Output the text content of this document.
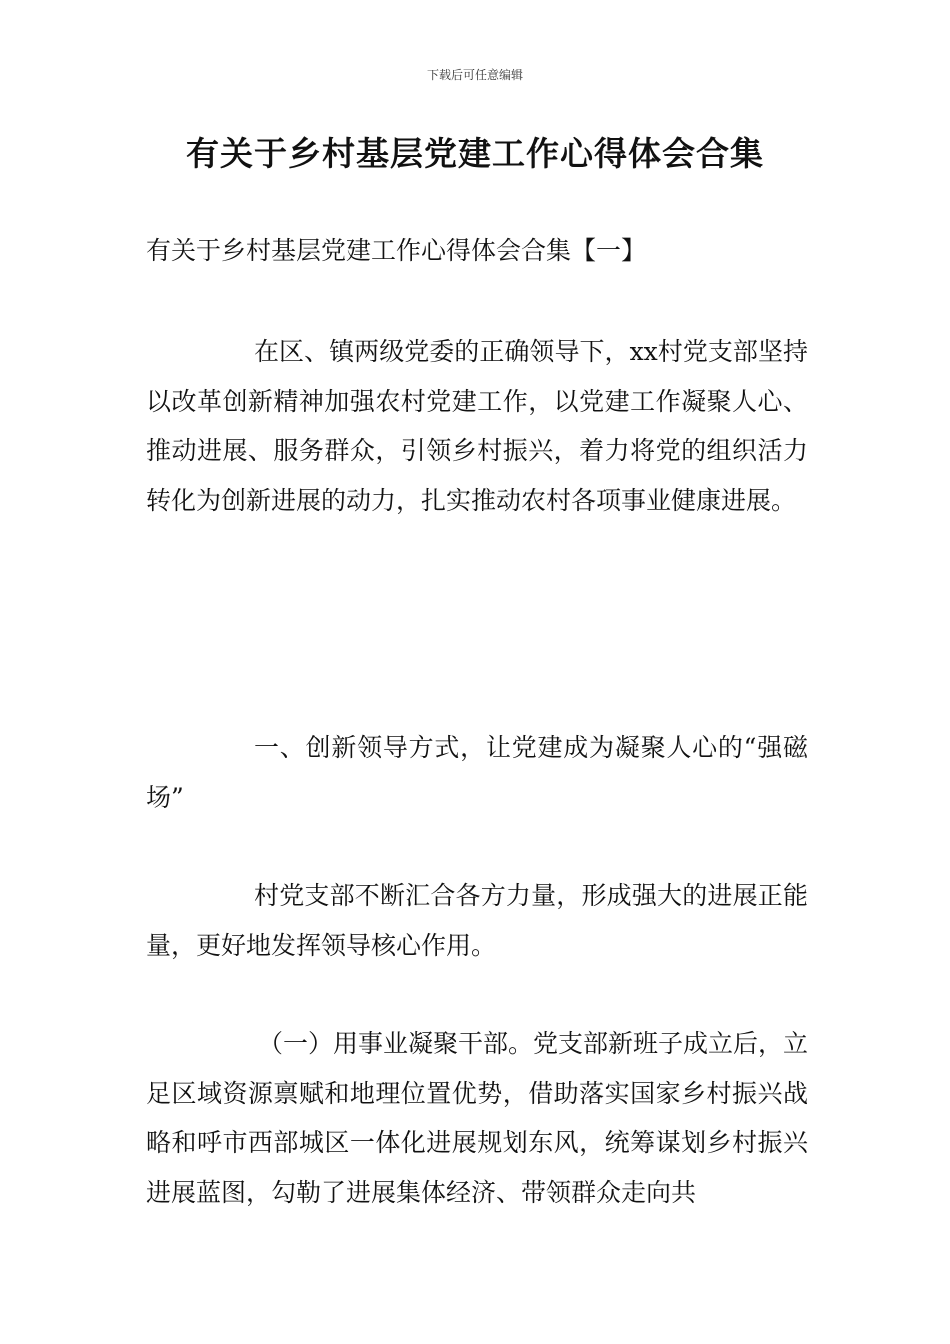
下载后可任意编辑
有关于乡村基层党建工作心得体会合集
有关于乡村基层党建工作心得体会合集【一】

在区、镇两级党委的正确领导下，xx村党支部坚持以改革创新精神加强农村党建工作，以党建工作凝聚人心、推动进展、服务群众，引领乡村振兴，着力将党的组织活力转化为创新进展的动力，扎实推动农村各项事业健康进展。

一、创新领导方式，让党建成为凝聚人心的“强磁场”

村党支部不断汇合各方力量，形成强大的进展正能量，更好地发挥领导核心作用。

（一）用事业凝聚干部。党支部新班子成立后，立足区域资源禀赋和地理位置优势，借助落实国家乡村振兴战略和呼市西部城区一体化进展规划东风，统筹谋划乡村振兴进展蓝图，勾勒了进展集体经济、带领群众走向共
